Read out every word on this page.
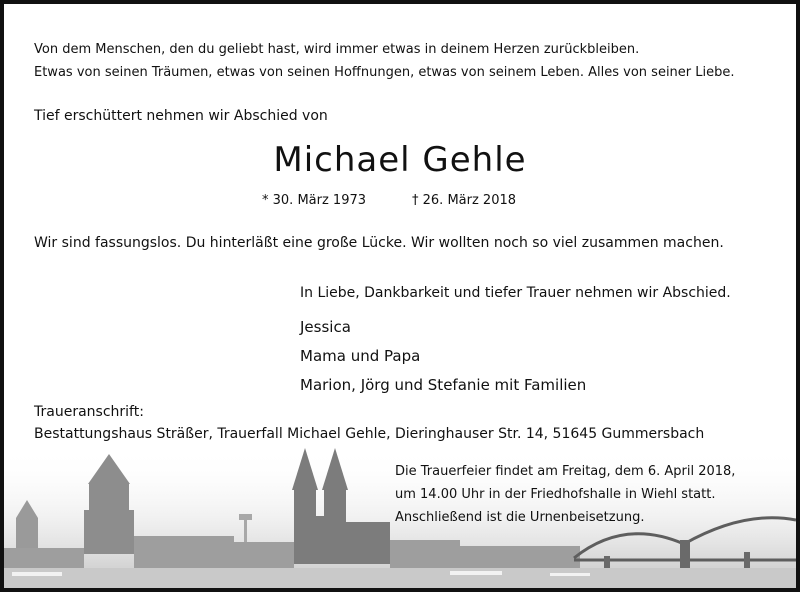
Von dem Menschen, den du geliebt hast, wird immer etwas in deinem Herzen zurückbleiben.
Etwas von seinen Träumen, etwas von seinen Hoffnungen, etwas von seinem Leben. Alles von seiner Liebe.
Tief erschüttert nehmen wir Abschied von
Michael Gehle
* 30. März 1973	† 26. März 2018
Wir sind fassungslos. Du hinterläßt eine große Lücke. Wir wollten noch so viel zusammen machen.
In Liebe, Dankbarkeit und tiefer Trauer nehmen wir Abschied.
Jessica
Mama und Papa
Marion, Jörg und Stefanie mit Familien
Traueranschrift:
Bestattungshaus Sträßer, Trauerfall Michael Gehle, Dieringhauser Str. 14, 51645 Gummersbach
Die Trauerfeier findet am Freitag, dem 6. April 2018,
um 14.00 Uhr in der Friedhofshalle in Wiehl statt.
Anschließend ist die Urnenbeisetzung.
